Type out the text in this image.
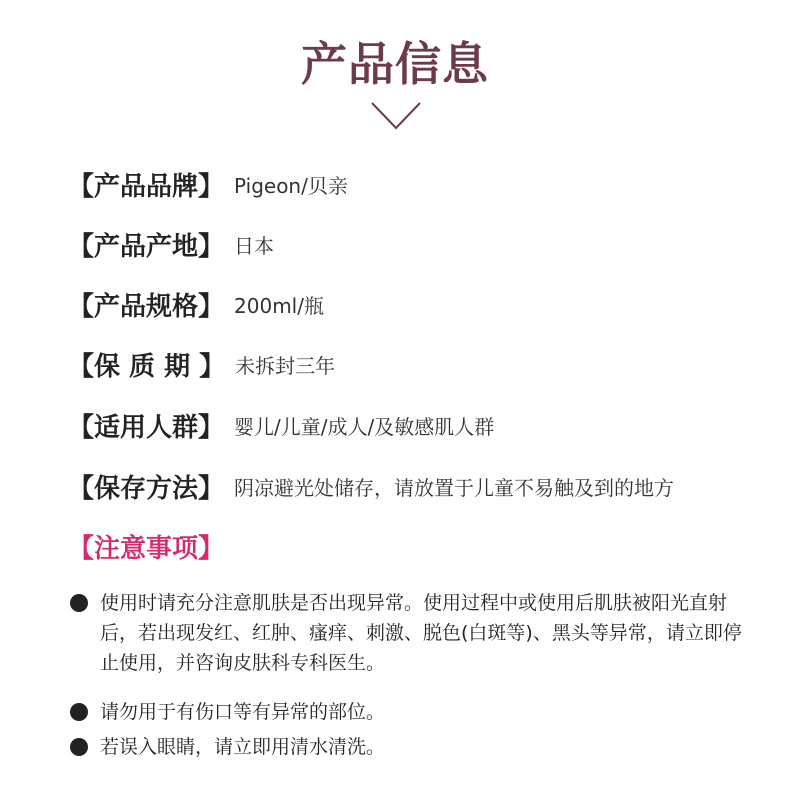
产品信息
【产品品牌】 Pigeon/贝亲
【产品产地】 日本
【产品规格】 200ml/瓶
【保 质 期 】 未拆封三年
【适用人群】 婴儿/儿童/成人/及敏感肌人群
【保存方法】 阴凉避光处储存，请放置于儿童不易触及到的地方
【注意事项】
使用时请充分注意肌肤是否出现异常。使用过程中或使用后肌肤被阳光直射后，若出现发红、红肿、瘙痒、刺激、脱色(白斑等)、黑头等异常，请立即停止使用，并咨询皮肤科专科医生。
请勿用于有伤口等有异常的部位。
若误入眼睛，请立即用清水清洗。
